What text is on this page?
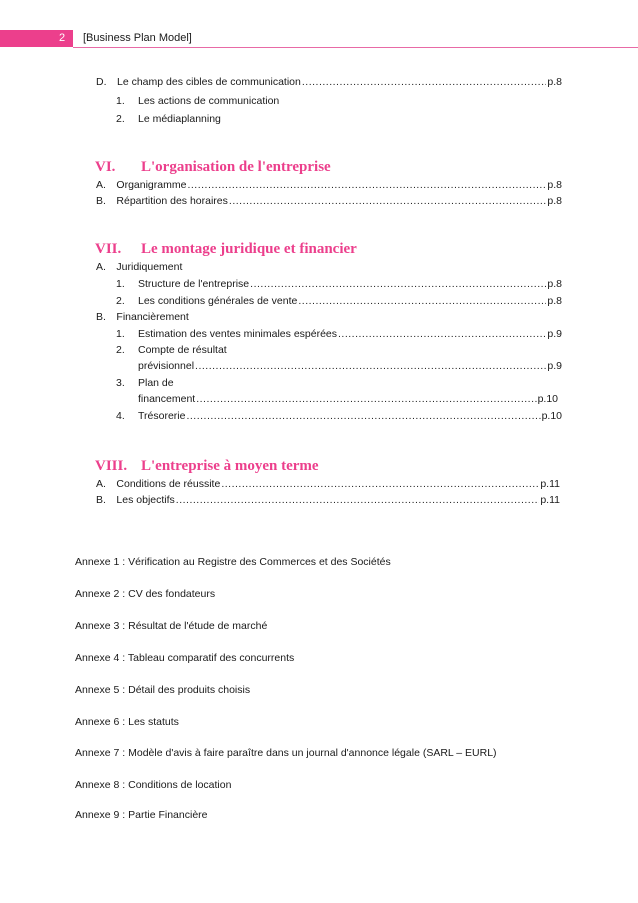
2	[Business Plan Model]
D. Le champ des cibles de communication .....	p.8
1. Les actions de communication
2. Le médiaplanning
VI. L'organisation de l'entreprise
A. Organigramme .....	p.8
B. Répartition des horaires .....	p.8
VII. Le montage juridique et financier
A. Juridiquement
1. Structure de l'entreprise .....	p.8
2. Les conditions générales de vente .....	p.8
B. Financièrement
1. Estimation des ventes minimales espérées .....	p.9
2. Compte de résultat
prévisionnel .....	p.9
3. Plan de
financement .....	p.10
4. Trésorerie .....	p.10
VIII. L'entreprise à moyen terme
A. Conditions de réussite .....	p.11
B. Les objectifs .....	p.11
Annexe 1 : Vérification au Registre des Commerces et des Sociétés
Annexe 2 : CV des fondateurs
Annexe 3 : Résultat de l'étude de marché
Annexe 4 : Tableau comparatif des concurrents
Annexe 5 : Détail des produits choisis
Annexe 6 : Les statuts
Annexe 7 : Modèle d'avis à faire paraître dans un journal d'annonce légale (SARL – EURL)
Annexe 8 : Conditions de location
Annexe 9 : Partie Financière
